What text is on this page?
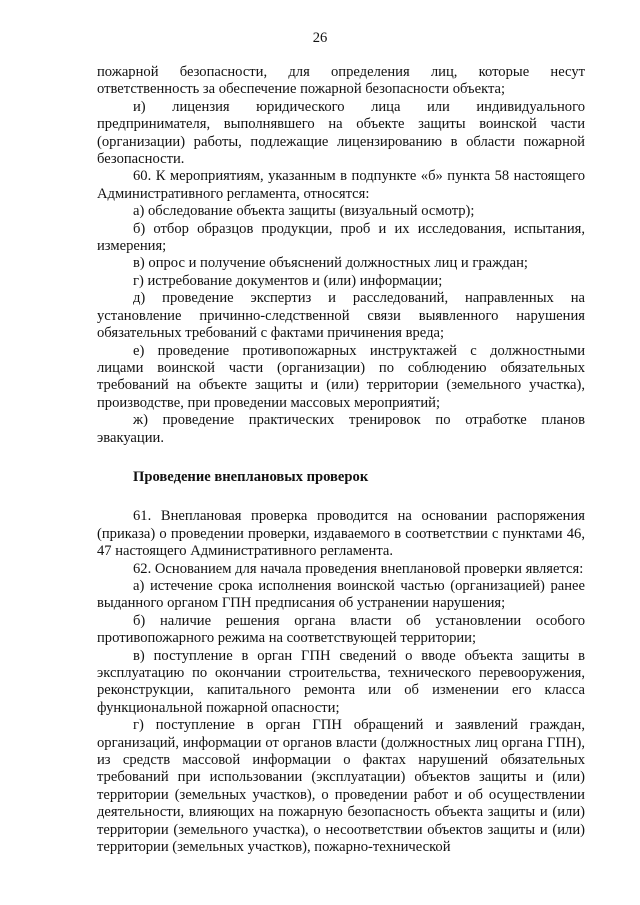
26

пожарной безопасности, для определения лиц, которые несут ответственность за обеспечение пожарной безопасности объекта;

и) лицензия юридического лица или индивидуального предпринимателя, выполнявшего на объекте защиты воинской части (организации) работы, подлежащие лицензированию в области пожарной безопасности.

60. К мероприятиям, указанным в подпункте «б» пункта 58 настоящего Административного регламента, относятся:

а) обследование объекта защиты (визуальный осмотр);

б) отбор образцов продукции, проб и их исследования, испытания, измерения;

в) опрос и получение объяснений должностных лиц и граждан;

г) истребование документов и (или) информации;

д) проведение экспертиз и расследований, направленных на установление причинно-следственной связи выявленного нарушения обязательных требований с фактами причинения вреда;

е) проведение противопожарных инструктажей с должностными лицами воинской части (организации) по соблюдению обязательных требований на объекте защиты и (или) территории (земельного участка), производстве, при проведении массовых мероприятий;

ж) проведение практических тренировок по отработке планов эвакуации.

Проведение внеплановых проверок

61. Внеплановая проверка проводится на основании распоряжения (приказа) о проведении проверки, издаваемого в соответствии с пунктами 46, 47 настоящего Административного регламента.

62. Основанием для начала проведения внеплановой проверки является:

а) истечение срока исполнения воинской частью (организацией) ранее выданного органом ГПН предписания об устранении нарушения;

б) наличие решения органа власти об установлении особого противопожарного режима на соответствующей территории;

в) поступление в орган ГПН сведений о вводе объекта защиты в эксплуатацию по окончании строительства, технического перевооружения, реконструкции, капитального ремонта или об изменении его класса функциональной пожарной опасности;

г) поступление в орган ГПН обращений и заявлений граждан, организаций, информации от органов власти (должностных лиц органа ГПН), из средств массовой информации о фактах нарушений обязательных требований при использовании (эксплуатации) объектов защиты и (или) территории (земельных участков), о проведении работ и об осуществлении деятельности, влияющих на пожарную безопасность объекта защиты и (или) территории (земельного участка), о несоответствии объектов защиты и (или) территории (земельных участков), пожарно-технической
